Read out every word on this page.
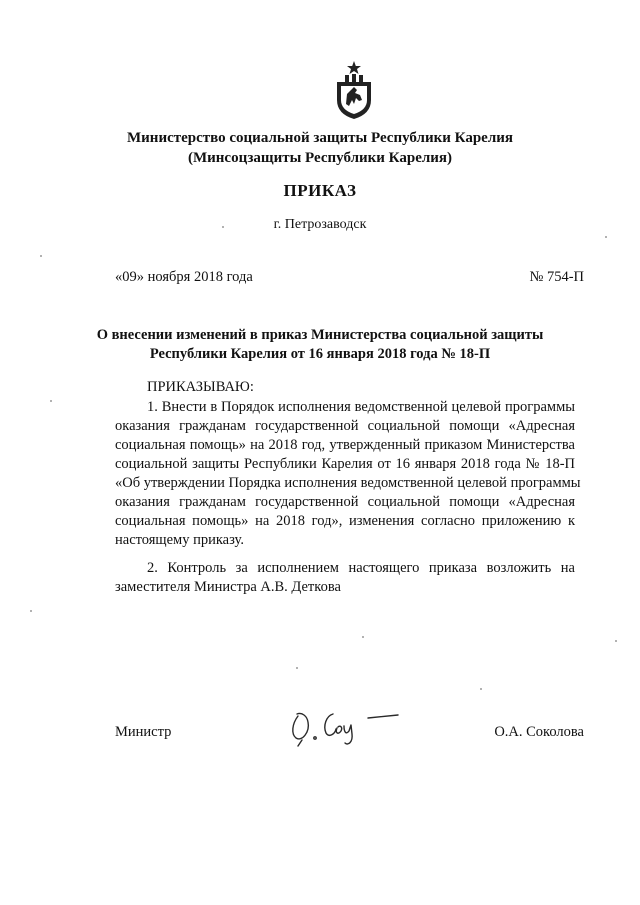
Министерство социальной защиты Республики Карелия
(Минсоцзащиты Республики Карелия)
ПРИКАЗ
г. Петрозаводск
«09» ноября 2018 года	№ 754-П
О внесении изменений в приказ Министерства социальной защиты
Республики Карелия от 16 января 2018 года № 18-П
ПРИКАЗЫВАЮ:
1. Внести в Порядок исполнения ведомственной целевой программы
оказания гражданам государственной социальной помощи «Адресная
социальная помощь» на 2018 год, утвержденный приказом Министерства
социальной защиты Республики Карелия от 16 января 2018 года № 18-П
«Об утверждении Порядка исполнения ведомственной целевой программы
оказания гражданам государственной социальной помощи «Адресная
социальная помощь» на 2018 год», изменения согласно приложению к
настоящему приказу.
2. Контроль за исполнением настоящего приказа возложить на
заместителя Министра А.В. Деткова
Министр	О.А. Соколова
